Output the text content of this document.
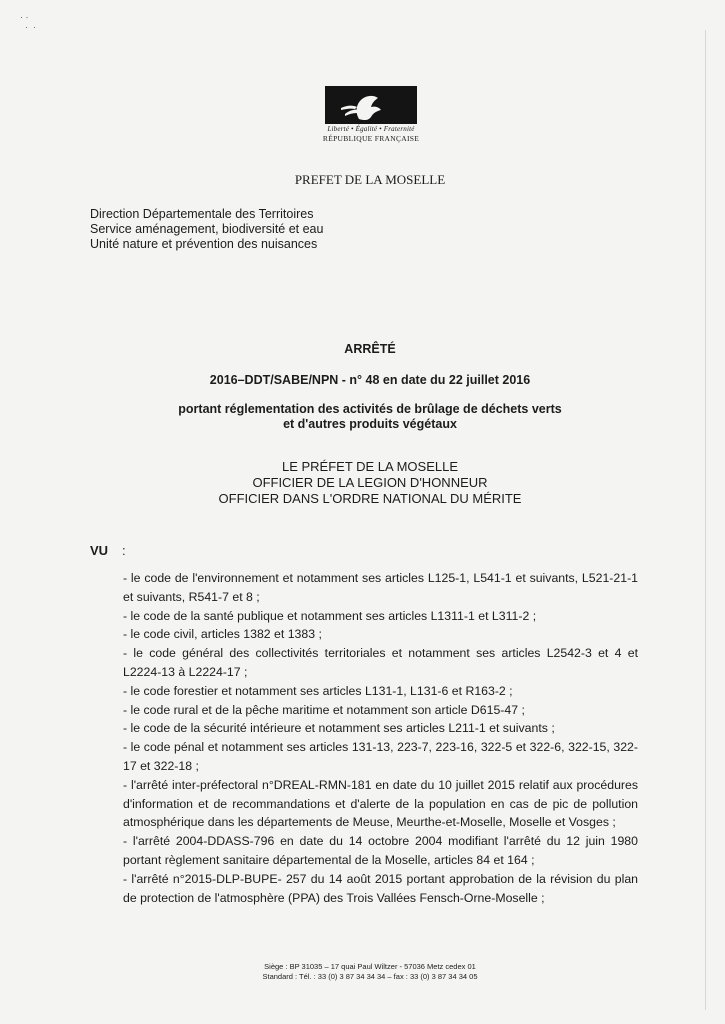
· ·
·  ·
Liberté • Égalité • Fraternité
RÉPUBLIQUE FRANÇAISE
PREFET DE LA MOSELLE
Direction Départementale des Territoires
Service aménagement, biodiversité et eau
Unité nature et prévention des nuisances
ARRÊTÉ
2016–DDT/SABE/NPN - n° 48 en date du 22 juillet 2016
portant réglementation des activités de brûlage de déchets verts
et d'autres produits végétaux
LE PRÉFET DE LA MOSELLE
OFFICIER DE LA LEGION D'HONNEUR
OFFICIER DANS L'ORDRE NATIONAL DU MÉRITE
VU :
- le code de l'environnement et notamment ses articles L125-1, L541-1 et suivants, L521-21-1 et suivants, R541-7 et 8 ;
- le code de la santé publique et notamment ses articles L1311-1 et L311-2 ;
- le code civil, articles 1382 et 1383 ;
- le code général des collectivités territoriales et notamment ses articles L2542-3 et 4 et L2224-13 à L2224-17 ;
- le code forestier et notamment ses articles L131-1, L131-6 et R163-2 ;
- le code rural et de la pêche maritime et notamment son article D615-47 ;
- le code de la sécurité intérieure et notamment ses articles L211-1 et suivants ;
- le code pénal et notamment ses articles 131-13, 223-7, 223-16, 322-5 et 322-6, 322-15, 322-17 et 322-18 ;
- l'arrêté inter-préfectoral n°DREAL-RMN-181 en date du 10 juillet 2015 relatif aux procédures d'information et de recommandations et d'alerte de la population en cas de pic de pollution atmosphérique dans les départements de Meuse, Meurthe-et-Moselle, Moselle et Vosges ;
- l'arrêté 2004-DDASS-796 en date du 14 octobre 2004 modifiant l'arrêté du 12 juin 1980 portant règlement sanitaire départemental de la Moselle, articles 84 et 164 ;
- l'arrêté n°2015-DLP-BUPE- 257 du 14 août 2015 portant approbation de la révision du plan de protection de l'atmosphère (PPA) des Trois Vallées Fensch-Orne-Moselle ;
Siège : BP 31035 – 17 quai Paul Wiltzer - 57036 Metz cedex 01
Standard : Tél. : 33 (0) 3 87 34 34 34 – fax : 33 (0) 3 87 34 34 05
